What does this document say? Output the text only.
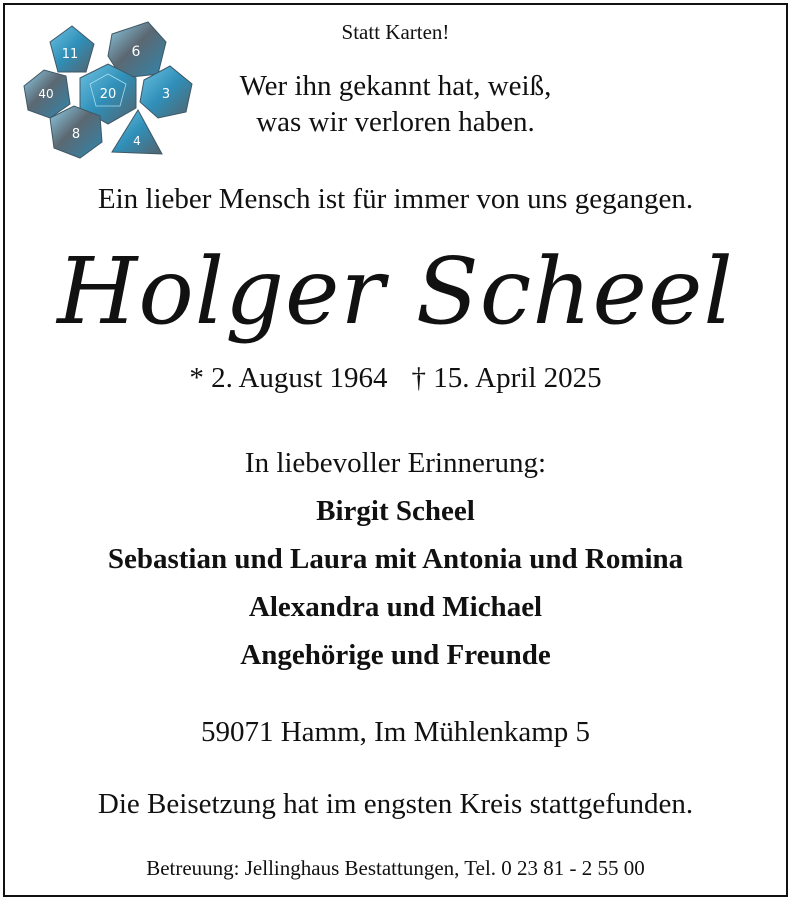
11	6
20
40	3
8	4
Statt Karten!
Wer ihn gekannt hat, weiß,
was wir verloren haben.
Ein lieber Mensch ist für immer von uns gegangen.
Holger Scheel
* 2. August 1964 † 15. April 2025
In liebevoller Erinnerung:
Birgit Scheel
Sebastian und Laura mit Antonia und Romina
Alexandra und Michael
Angehörige und Freunde
59071 Hamm, Im Mühlenkamp 5
Die Beisetzung hat im engsten Kreis stattgefunden.
Betreuung: Jellinghaus Bestattungen, Tel. 0 23 81 - 2 55 00
